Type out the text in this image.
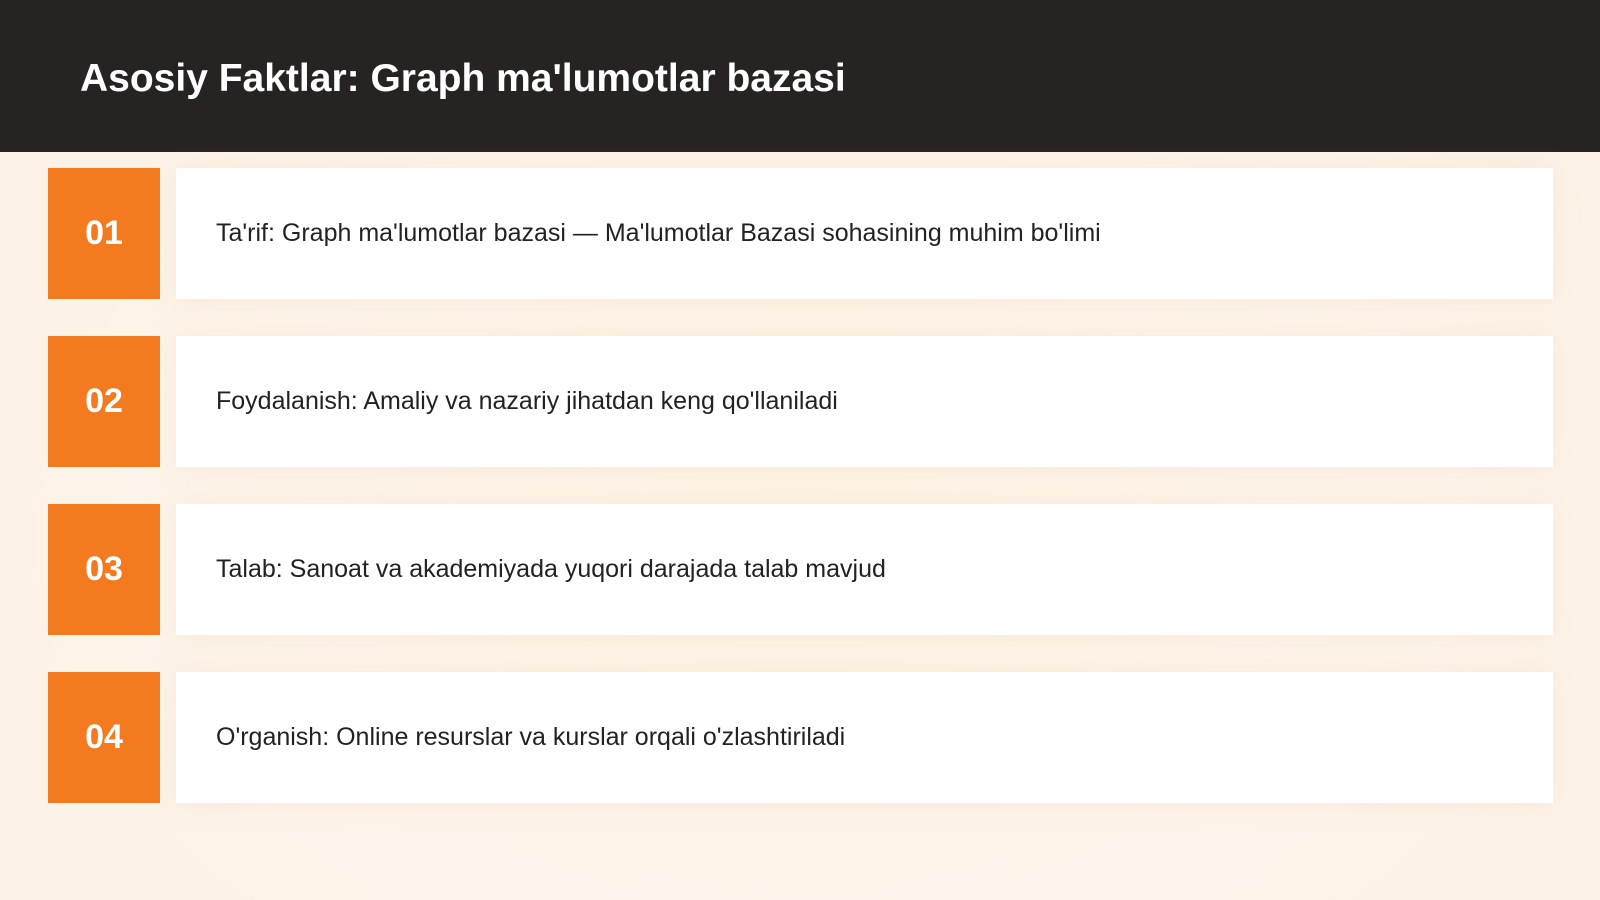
Asosiy Faktlar: Graph ma'lumotlar bazasi
01	Ta'rif: Graph ma'lumotlar bazasi — Ma'lumotlar Bazasi sohasining muhim bo'limi
02	Foydalanish: Amaliy va nazariy jihatdan keng qo'llaniladi
03	Talab: Sanoat va akademiyada yuqori darajada talab mavjud
04	O'rganish: Online resurslar va kurslar orqali o'zlashtiriladi
